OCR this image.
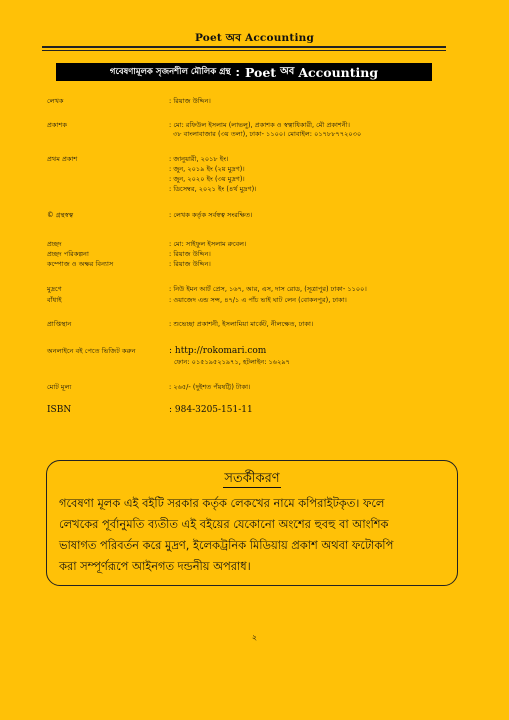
Poet অব Accounting
গবেষণামূলক সৃজনশীল মৌলিক গ্রন্থ : Poet অব Accounting
লেখক	: রিয়াজ উদ্দিন।
প্রকাশক	: মো: রফিউল ইসলাম (লাভলু), প্রকাশক ও স্বত্বাধিকারী, মৌ প্রকাশনী।
৩৮ বাংলাবাজার (৩য় তলা), ঢাকা- ১১০০। মোবাইল: ০১৭৮৮৭৭২০৩০
প্রথম প্রকাশ	: জানুয়ারী, ২০১৮ ইং।
: জুন, ২০১৯ ইং (২য় মুদ্রণ)।
: জুন, ২০২০ ইং (৩য় মুদ্রণ)।
: ডিসেম্বর, ২০২১ ইং (৪র্থ মুদ্রণ)।
© গ্রন্থস্বত্ব	: লেখক কর্তৃক সর্বস্বত্ব সংরক্ষিত।
প্রচ্ছদ	: মো: সাইফুল ইসলাম রুবেল।
প্রচ্ছদ পরিকল্পনা	: রিয়াজ উদ্দিন।
কম্পোজ ও অক্ষর বিন্যাস	: রিয়াজ উদ্দিন।
মুদ্রণে	: নিউ ইমন আর্ট প্রেস, ১৬৭, আর, এস, দাস রোড, (সূত্রাপুর) ঢাকা- ১১০০।
বাঁধাই	: ওয়াজেদ এন্ড সন্স, ৪৭/১ এ পাঁচ ভাই ঘাট লেন (বোকনপুর), ঢাকা।
প্রাপ্তিস্থান	: শুভেচ্ছা প্রকাশনী, ইসলামিয়া মার্কেট, নীলক্ষেত, ঢাকা।
অনলাইনে বই পেতে ভিজিট করুন	: http://rokomari.com
ফোন: ০১৫১৯৫২১৯৭১, হটলাইন: ১৬২৯৭
মোট মূল্য	: ২৬৫/- (দুইশত পঁয়ষট্টি) টাকা।
ISBN	: 984-3205-151-11
সতর্কীকরণ
গবেষণা মূলক এই বইটি সরকার কর্তৃক লেকখের নামে কপিরাইটকৃত। ফলে
লেখকের পূর্বানুমতি ব্যতীত এই বইয়ের যেকোনো অংশের হুবহু বা আংশিক
ভাষাগত পরিবর্তন করে মুদ্রণ, ইলেকট্রনিক মিডিয়ায় প্রকাশ অথবা ফটোকপি
করা সম্পূর্ণরূপে আইনগত দন্ডনীয় অপরাধ।
২
